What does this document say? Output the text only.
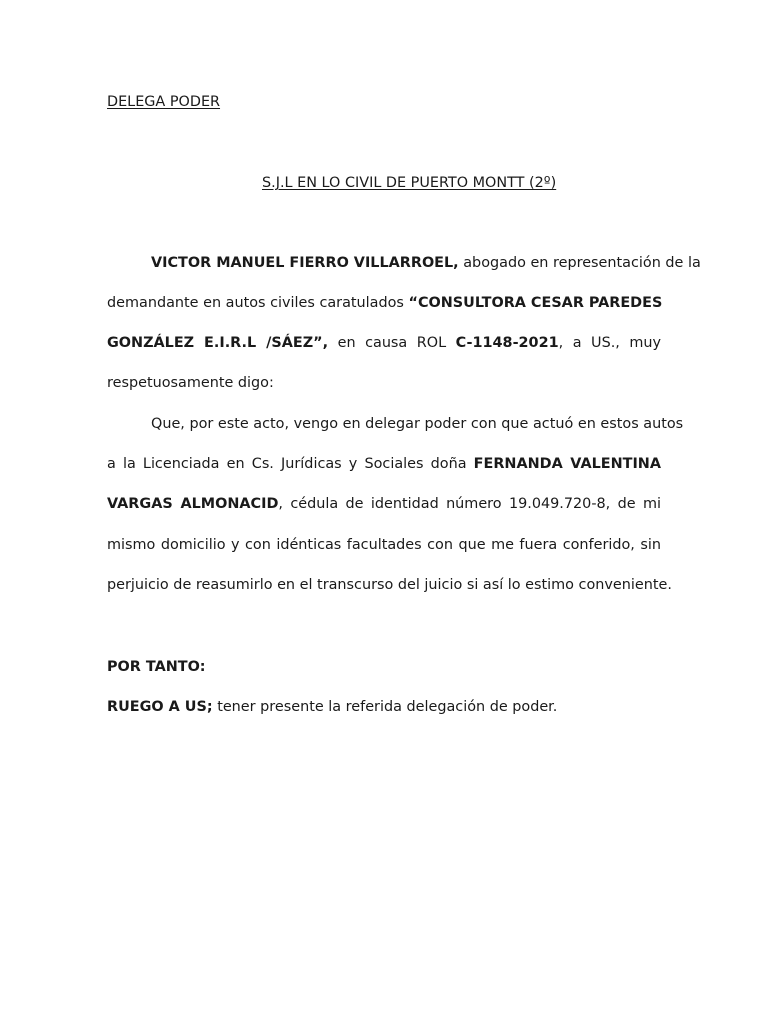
DELEGA PODER
S.J.L EN LO CIVIL DE PUERTO MONTT (2º)
VICTOR MANUEL FIERRO VILLARROEL, abogado en representación de la
demandante en autos civiles caratulados “CONSULTORA CESAR PAREDES
GONZÁLEZ E.I.R.L /SÁEZ”, en causa ROL C-1148-2021, a US., muy
respetuosamente digo:
Que, por este acto, vengo en delegar poder con que actuó en estos autos
a la Licenciada en Cs. Jurídicas y Sociales doña FERNANDA VALENTINA
VARGAS ALMONACID, cédula de identidad número 19.049.720-8, de mi
mismo domicilio y con idénticas facultades con que me fuera conferido, sin
perjuicio de reasumirlo en el transcurso del juicio si así lo estimo conveniente.
POR TANTO:
RUEGO A US; tener presente la referida delegación de poder.
